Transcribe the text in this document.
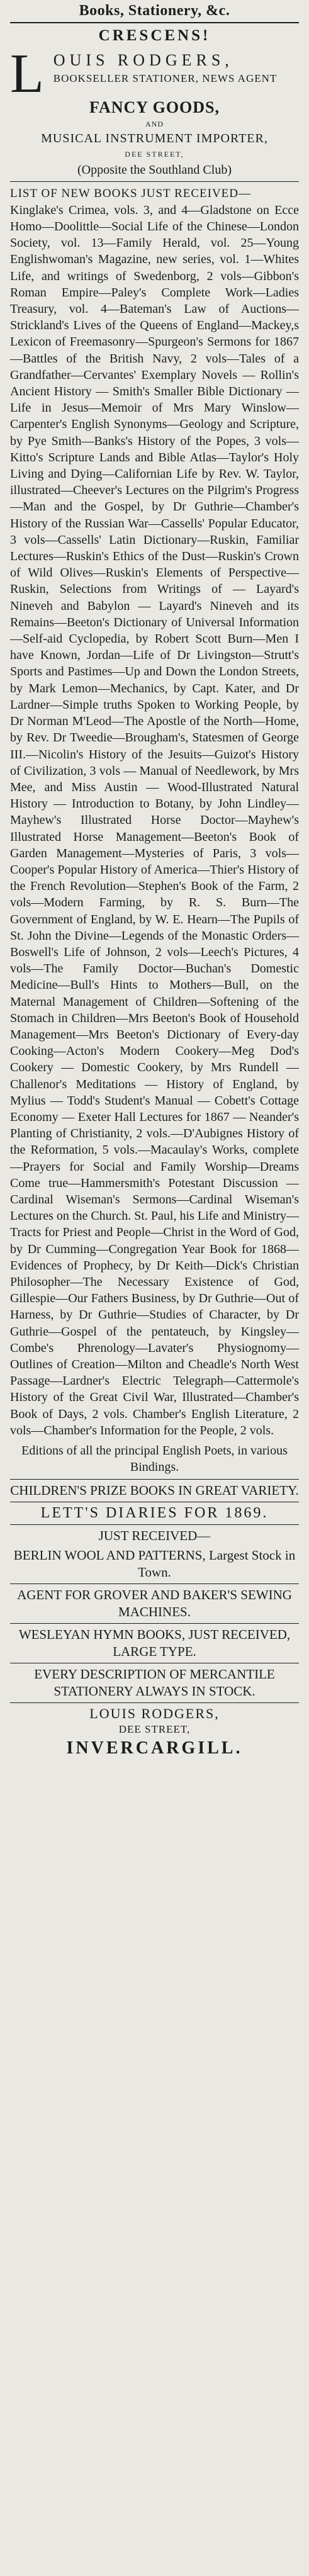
Books, Stationery, &c.
CRESCENS!
L OUIS RODGERS,
BOOKSELLER STATIONER, NEWS AGENT
FANCY GOODS,
AND
MUSICAL INSTRUMENT IMPORTER,
DEE STREET,
(Opposite the Southland Club)
LIST OF NEW BOOKS JUST RECEIVED—

Kinglake's Crimea, vols. 3, and 4—Gladstone on Ecce Homo—Doolittle—Social Life of the Chinese—London Society, vol. 13—Family Herald, vol. 25—Young Englishwoman's Magazine, new series, vol. 1—Whites Life, and writings of Swedenborg, 2 vols—Gibbon's Roman Empire—Paley's Complete Work—Ladies Treasury, vol. 4—Bateman's Law of Auctions—Strickland's Lives of the Queens of England—Mackey,s Lexicon of Freemasonry—Spurgeon's Sermons for 1867—Battles of the British Navy, 2 vols—Tales of a Grandfather—Cervantes' Exemplary Novels — Rollin's Ancient History — Smith's Smaller Bible Dictionary — Life in Jesus—Memoir of Mrs Mary Winslow—Carpenter's English Synonyms—Geology and Scripture, by Pye Smith—Banks's History of the Popes, 3 vols—Kitto's Scripture Lands and Bible Atlas—Taylor's Holy Living and Dying—Californian Life by Rev. W. Taylor, illustrated—Cheever's Lectures on the Pilgrim's Progress—Man and the Gospel, by Dr Guthrie—Chamber's History of the Russian War—Cassells' Popular Educator, 3 vols—Cassells' Latin Dictionary—Ruskin, Familiar Lectures—Ruskin's Ethics of the Dust—Ruskin's Crown of Wild Olives—Ruskin's Elements of Perspective—Ruskin, Selections from Writings of — Layard's Nineveh and Babylon — Layard's Nineveh and its Remains—Beeton's Dictionary of Universal Information—Self-aid Cyclopedia, by Robert Scott Burn—Men I have Known, Jordan—Life of Dr Livingston—Strutt's Sports and Pastimes—Up and Down the London Streets, by Mark Lemon—Mechanics, by Capt. Kater, and Dr Lardner—Simple truths Spoken to Working People, by Dr Norman M'Leod—The Apostle of the North—Home, by Rev. Dr Tweedie—Brougham's, Statesmen of George III.—Nicolin's History of the Jesuits—Guizot's History of Civilization, 3 vols — Manual of Needlework, by Mrs Mee, and Miss Austin — Wood-Illustrated Natural History — Introduction to Botany, by John Lindley—Mayhew's Illustrated Horse Doctor—Mayhew's Illustrated Horse Management—Beeton's Book of Garden Management—Mysteries of Paris, 3 vols—Cooper's Popular History of America—Thier's History of the French Revolution—Stephen's Book of the Farm, 2 vols—Modern Farming, by R. S. Burn—The Government of England, by W. E. Hearn—The Pupils of St. John the Divine—Legends of the Monastic Orders—Boswell's Life of Johnson, 2 vols—Leech's Pictures, 4 vols—The Family Doctor—Buchan's Domestic Medicine—Bull's Hints to Mothers—Bull, on the Maternal Management of Children—Softening of the Stomach in Children—Mrs Beeton's Book of Household Management—Mrs Beeton's Dictionary of Every-day Cooking—Acton's Modern Cookery—Meg Dod's Cookery — Domestic Cookery, by Mrs Rundell — Challenor's Meditations — History of England, by Mylius — Todd's Student's Manual — Cobett's Cottage Economy — Exeter Hall Lectures for 1867 — Neander's Planting of Christianity, 2 vols.—D'Aubignes History of the Reformation, 5 vols.—Macaulay's Works, complete—Prayers for Social and Family Worship—Dreams Come true—Hammersmith's Potestant Discussion — Cardinal Wiseman's Sermons—Cardinal Wiseman's Lectures on the Church. St. Paul, his Life and Ministry—Tracts for Priest and People—Christ in the Word of God, by Dr Cumming—Congregation Year Book for 1868—Evidences of Prophecy, by Dr Keith—Dick's Christian Philosopher—The Necessary Existence of God, Gillespie—Our Fathers Business, by Dr Guthrie—Out of Harness, by Dr Guthrie—Studies of Character, by Dr Guthrie—Gospel of the pentateuch, by Kingsley—Combe's Phrenology—Lavater's Physiognomy—Outlines of Creation—Milton and Cheadle's North West Passage—Lardner's Electric Telegraph—Cattermole's History of the Great Civil War, Illustrated—Chamber's Book of Days, 2 vols. Chamber's English Literature, 2 vols—Chamber's Information for the People, 2 vols.

Editions of all the principal English Poets, in various Bindings.
CHILDREN'S PRIZE BOOKS IN GREAT VARIETY.
LETT'S DIARIES FOR 1869.
JUST RECEIVED—
BERLIN WOOL AND PATTERNS, Largest Stock in Town.
AGENT FOR GROVER AND BAKER'S SEWING MACHINES.
WESLEYAN HYMN BOOKS, JUST RECEIVED, LARGE TYPE.
EVERY DESCRIPTION OF MERCANTILE STATIONERY ALWAYS IN STOCK.
LOUIS RODGERS,
DEE STREET,
INVERCARGILL.
